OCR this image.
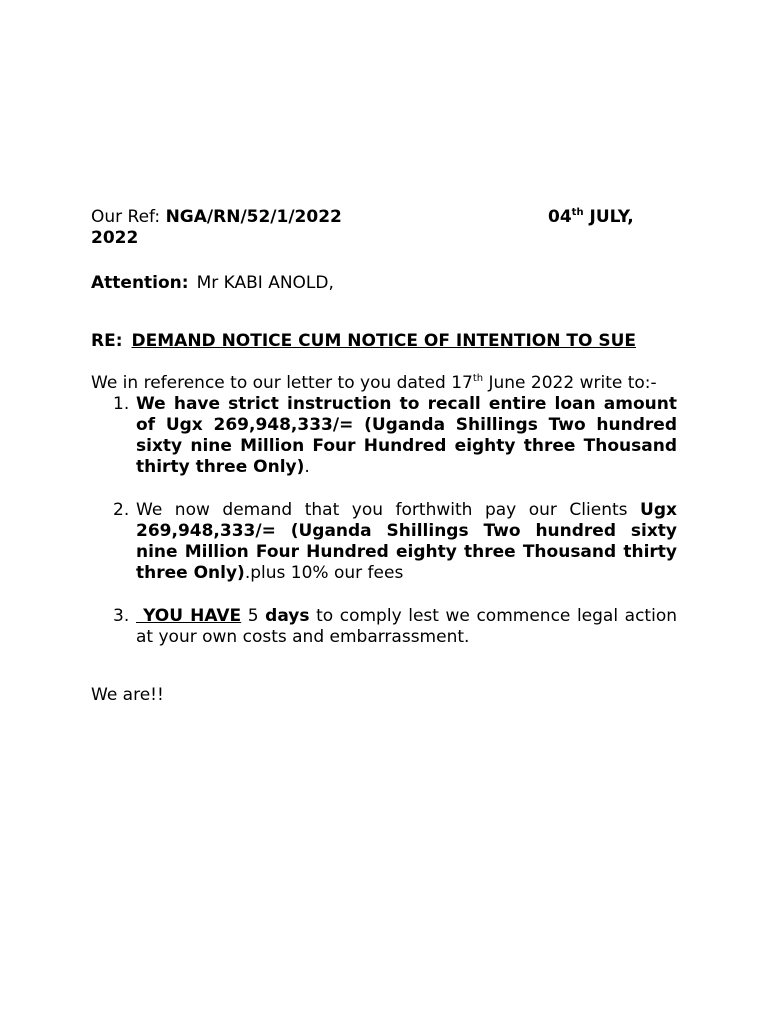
Our Ref: NGA/RN/52/1/2022	04th JULY,
2022
Attention: Mr KABI ANOLD,
RE: DEMAND NOTICE CUM NOTICE OF INTENTION TO SUE
We in reference to our letter to you dated 17th June 2022 write to:-
1. We have strict instruction to recall entire loan amount of Ugx 269,948,333/= (Uganda Shillings Two hundred sixty nine Million Four Hundred eighty three Thousand thirty three Only).
2. We now demand that you forthwith pay our Clients Ugx 269,948,333/= (Uganda Shillings Two hundred sixty nine Million Four Hundred eighty three Thousand thirty three Only).plus 10% our fees
3. YOU HAVE 5 days to comply lest we commence legal action at your own costs and embarrassment.
We are!!
